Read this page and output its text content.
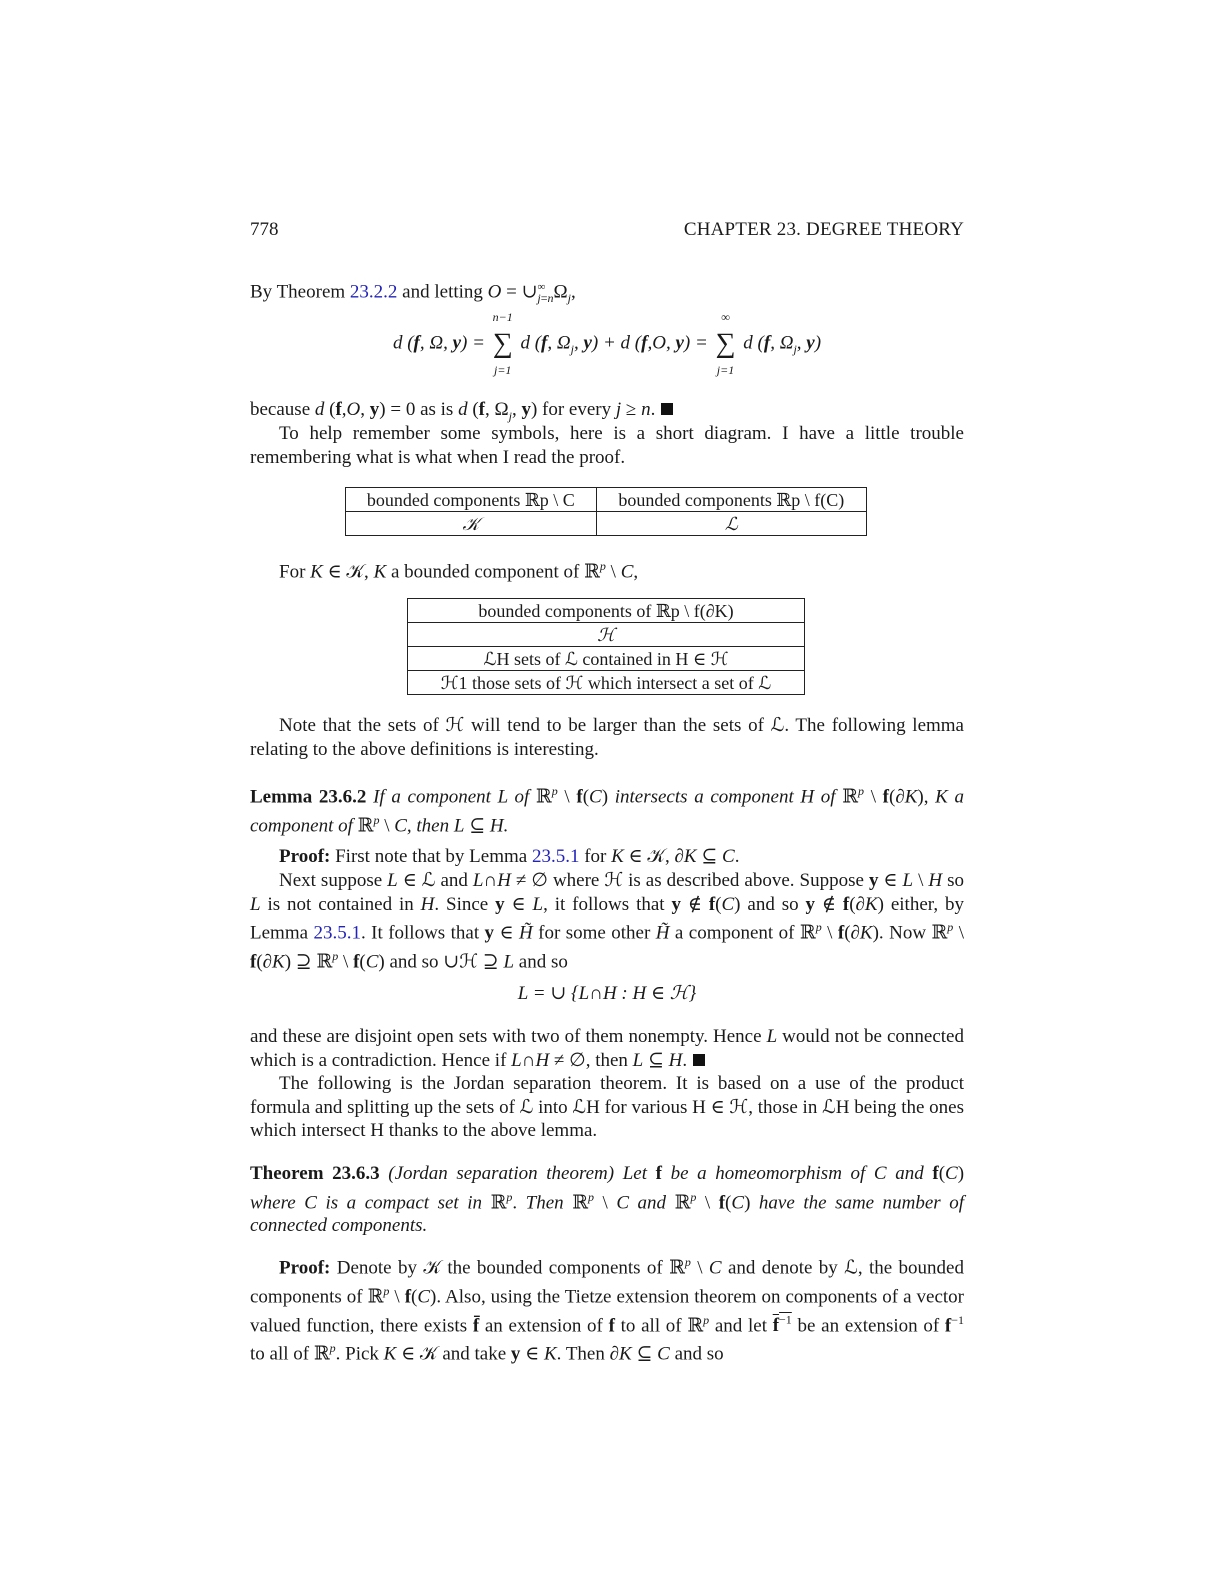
778	CHAPTER 23. DEGREE THEORY
By Theorem 23.2.2 and letting $O = \cup^\infty_{j=n}\Omega_j$,
d (f, Ω, y) =
n−1
∑
j=1
d (f, $\Omega_j$, y) + d (f,O, y) =
∞
∑
j=1
d (f, $\Omega_j$, y)
because d (f,O, y) = 0 as is d (f, $\Omega_j$, y) for every j ≥ n.
To help remember some symbols, here is a short diagram. I have a little trouble remembering what is what when I read the proof.
bounded components ℝp \ C	bounded components ℝp \ f(C)
𝒦	ℒ
For K ∈ 𝒦, K a bounded component of ℝ$^p$ \ C,
bounded components of ℝp \ f(∂K)
ℋ
ℒH sets of ℒ contained in H ∈ ℋ
ℋ1 those sets of ℋ which intersect a set of ℒ
Note that the sets of ℋ will tend to be larger than the sets of ℒ. The following lemma relating to the above definitions is interesting.
Lemma 23.6.2 If a component L of ℝ$^p$ \ f(C) intersects a component H of ℝ$^p$ \ f(∂K), K a component of ℝ$^p$ \ C, then L ⊆ H.
Proof: First note that by Lemma 23.5.1 for K ∈ 𝒦, ∂K ⊆ C.
Next suppose L ∈ ℒ and L∩H ≠ ∅ where ℋ is as described above. Suppose y ∈ L \ H so L is not contained in H. Since y ∈ L, it follows that y ∉ f(C) and so y ∉ f(∂K) either, by Lemma 23.5.1. It follows that y ∈ H̃ for some other H̃ a component of ℝ$^p$ \ f(∂K). Now ℝ$^p$ \ f(∂K) ⊇ ℝ$^p$ \ f(C) and so ∪ℋ ⊇ L and so
L = ∪ {L∩H : H ∈ ℋ}
and these are disjoint open sets with two of them nonempty. Hence L would not be connected which is a contradiction. Hence if L∩H ≠ ∅, then L ⊆ H.
The following is the Jordan separation theorem. It is based on a use of the product formula and splitting up the sets of ℒ into ℒH for various H ∈ ℋ, those in ℒH being the ones which intersect H thanks to the above lemma.
Theorem 23.6.3 (Jordan separation theorem) Let f be a homeomorphism of C and f(C) where C is a compact set in ℝ$^p$. Then ℝ$^p$ \ C and ℝ$^p$ \ f(C) have the same number of connected components.
Proof: Denote by 𝒦 the bounded components of ℝ$^p$ \ C and denote by ℒ, the bounded components of ℝ$^p$ \ f(C). Also, using the Tietze extension theorem on components of a vector valued function, there exists f̄ an extension of f to all of ℝ$^p$ and let $f^{-1}$ be an extension of $f^{-1}$ to all of ℝ$^p$. Pick K ∈ 𝒦 and take y ∈ K. Then ∂K ⊆ C and so
